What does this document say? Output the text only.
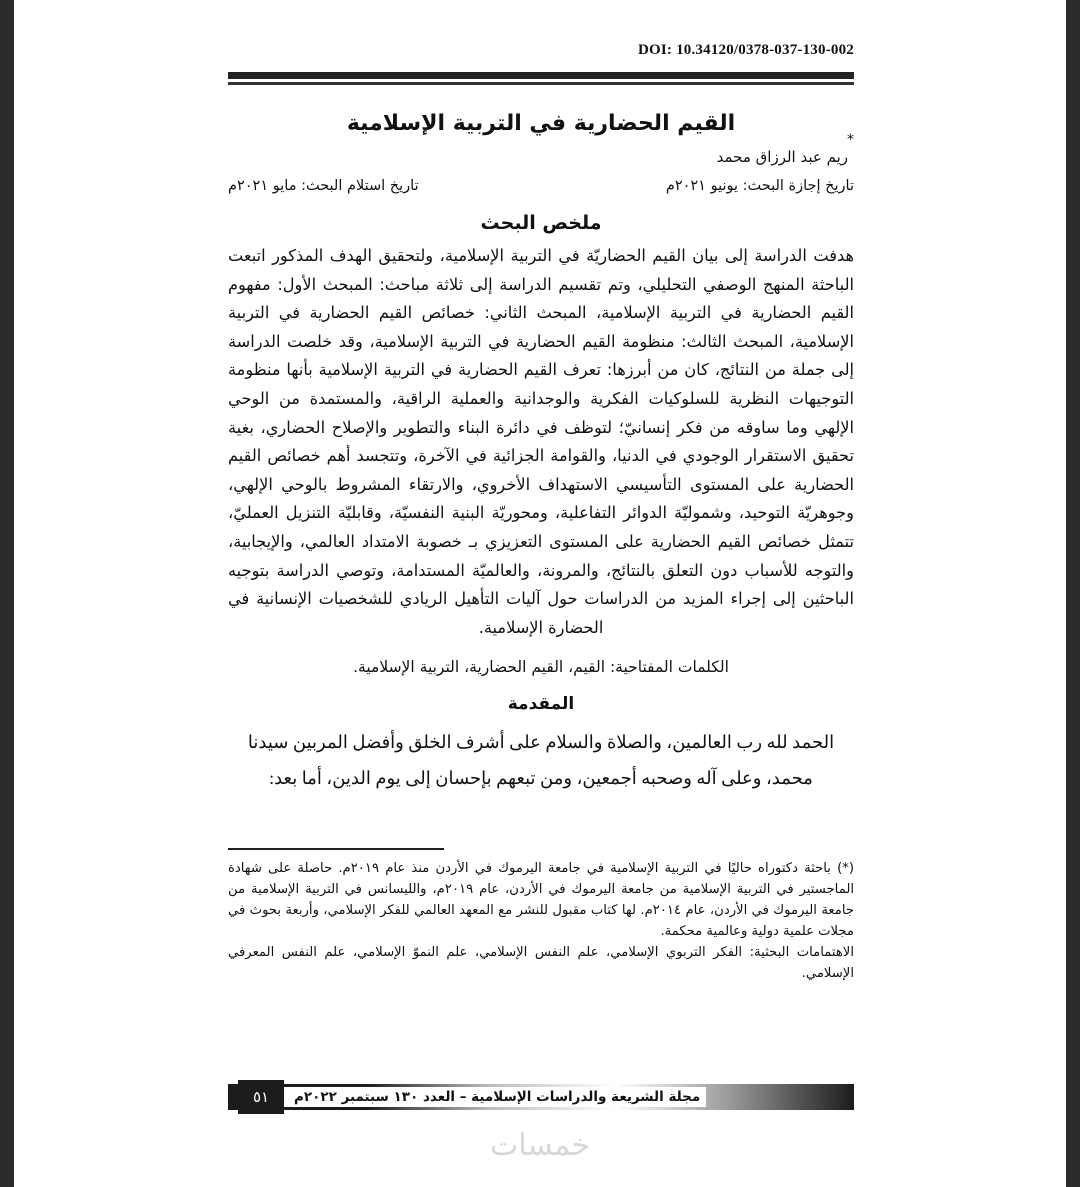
DOI: 10.34120/0378-037-130-002
القيم الحضارية في التربية الإسلامية
*
ريم عبد الرزاق محمد
تاريخ إجازة البحث: يونيو ٢٠٢١م
تاريخ استلام البحث: مايو ٢٠٢١م
ملخص البحث

هدفت الدراسة إلى بيان القيم الحضاريّة في التربية الإسلامية، ولتحقيق الهدف المذكور اتبعت الباحثة المنهج الوصفي التحليلي، وتم تقسيم الدراسة إلى ثلاثة مباحث: المبحث الأول: مفهوم القيم الحضارية في التربية الإسلامية، المبحث الثاني: خصائص القيم الحضارية في التربية الإسلامية، المبحث الثالث: منظومة القيم الحضارية في التربية الإسلامية، وقد خلصت الدراسة إلى جملة من النتائج، كان من أبرزها: تعرف القيم الحضارية في التربية الإسلامية بأنها منظومة التوجيهات النظرية للسلوكيات الفكرية والوجدانية والعملية الراقية، والمستمدة من الوحي الإلهي وما ساوقه من فكر إنسانيّ؛ لتوظف في دائرة البناء والتطوير والإصلاح الحضاري، بغية تحقيق الاستقرار الوجودي في الدنيا، والقوامة الجزائية في الآخرة، وتتجسد أهم خصائص القيم الحضارية على المستوى التأسيسي الاستهداف الأخروي، والارتقاء المشروط بالوحي الإلهي، وجوهريّة التوحيد، وشموليّة الدوائر التفاعلية، ومحوريّة البنية النفسيّة، وقابليّة التنزيل العمليّ، تتمثل خصائص القيم الحضارية على المستوى التعزيزي بـ خصوبة الامتداد العالمي، والإيجابية، والتوجه للأسباب دون التعلق بالنتائج، والمرونة، والعالميّة المستدامة، وتوصي الدراسة بتوجيه الباحثين إلى إجراء المزيد من الدراسات حول آليات التأهيل الريادي للشخصيات الإنسانية في الحضارة الإسلامية.

الكلمات المفتاحية: القيم، القيم الحضارية، التربية الإسلامية.
المقدمة

الحمد لله رب العالمين، والصلاة والسلام على أشرف الخلق وأفضل المربين سيدنا

محمد، وعلى آله وصحبه أجمعين، ومن تبعهم بإحسان إلى يوم الدين، أما بعد:

(*) باحثة دكتوراه حاليًا في التربية الإسلامية في جامعة اليرموك في الأردن منذ عام ٢٠١٩م. حاصلة على شهادة الماجستير في التربية الإسلامية من جامعة اليرموك في الأردن، عام ٢٠١٩م، والليسانس في التربية الإسلامية من جامعة اليرموك في الأردن، عام ٢٠١٤م. لها كتاب مقبول للنشر مع المعهد العالمي للفكر الإسلامي، وأربعة بحوث في مجلات علمية دولية وعالمية محكمة.

الاهتمامات البحثية: الفكر التربوي الإسلامي، علم النفس الإسلامي، علم النموّ الإسلامي، علم النفس المعرفي الإسلامي.

٥١	مجلة الشريعة والدراسات الإسلامية – العدد ١٣٠ سبتمبر ٢٠٢٢م
خمسات
